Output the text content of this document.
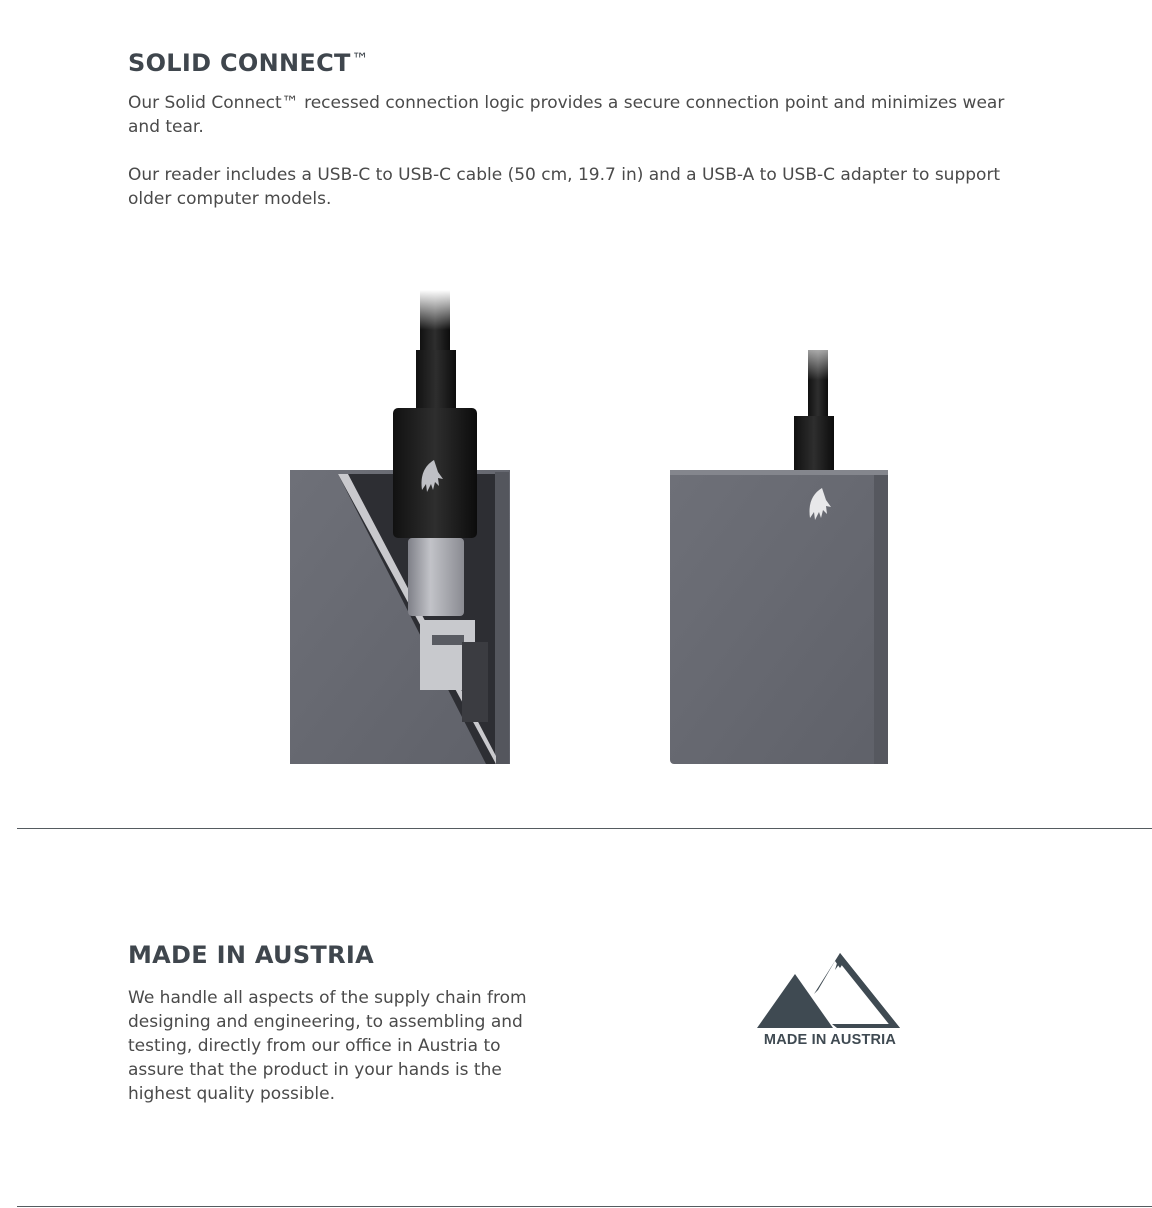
SOLID CONNECT™

Our Solid Connect™ recessed connection logic provides a secure connection point and minimizes wear and tear.

Our reader includes a USB-C to USB-C cable (50 cm, 19.7 in) and a USB-A to USB-C adapter to support older computer models.

MADE IN AUSTRIA

We handle all aspects of the supply chain from designing and engineering, to assembling and testing, directly from our office in Austria to assure that the product in your hands is the highest quality possible.

MADE IN AUSTRIA
